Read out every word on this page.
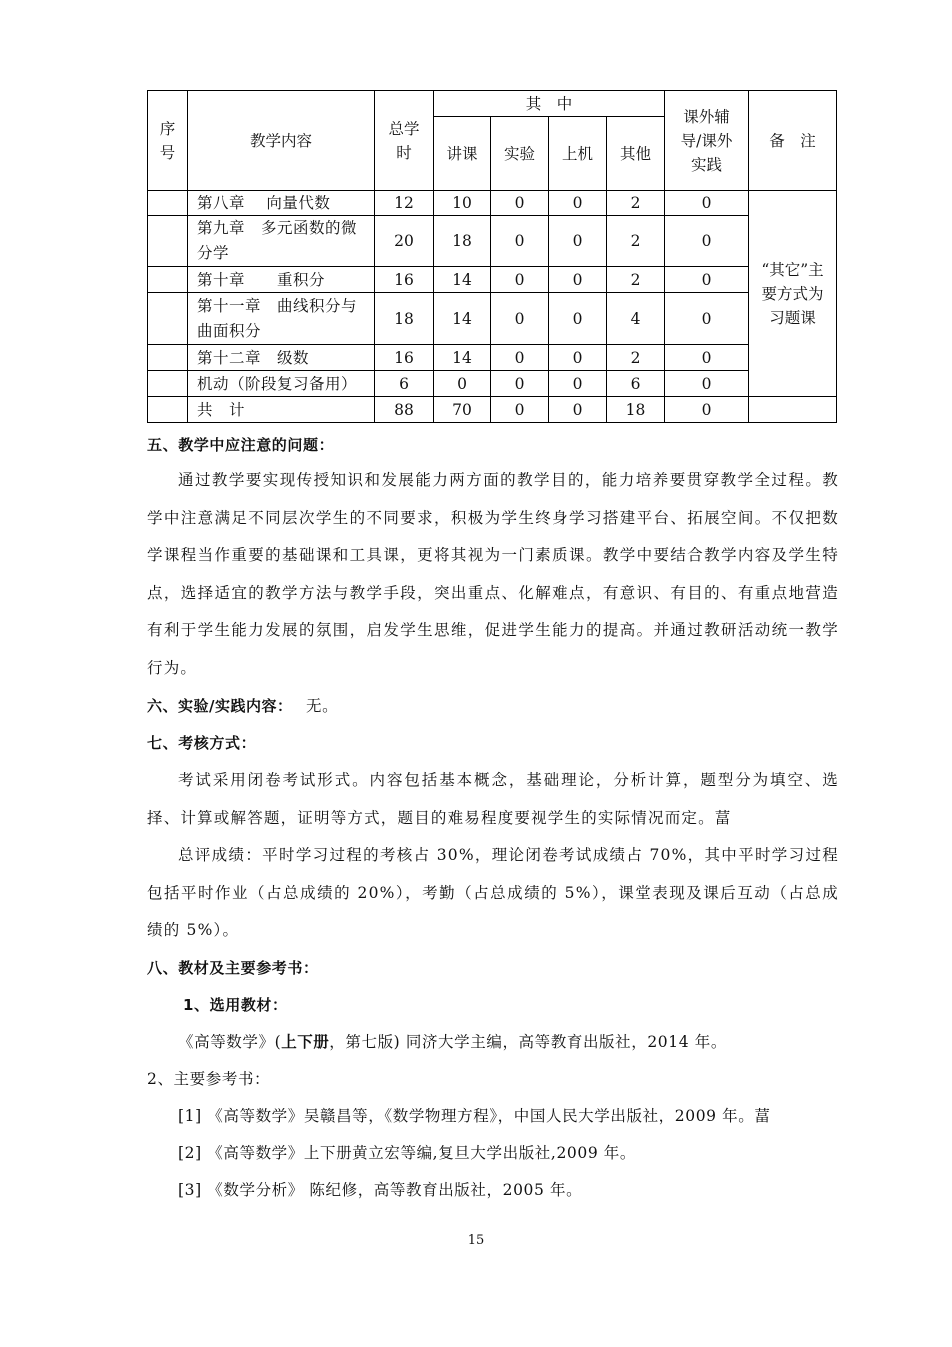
序号	教学内容	总学时	其　中				课外辅导/课外实践	备　注
			讲课	实验	上机	其他		
	第八章　 向量代数	12	10	0	0	2	0	“其它”主要方式为习题课
	第九章　多元函数的微分学	20	18	0	0	2	0	
	第十章　　重积分	16	14	0	0	2	0	
	第十一章　曲线积分与曲面积分	18	14	0	0	4	0	
	第十二章　级数	16	14	0	0	2	0	
	机动（阶段复习备用）	6	0	0	0	6	0	
	共　计	88	70	0	0	18	0	
五、教学中应注意的问题：
通过教学要实现传授知识和发展能力两方面的教学目的，能力培养要贯穿教学全过程。教学中注意满足不同层次学生的不同要求，积极为学生终身学习搭建平台、拓展空间。不仅把数学课程当作重要的基础课和工具课，更将其视为一门素质课。教学中要结合教学内容及学生特点，选择适宜的教学方法与教学手段，突出重点、化解难点，有意识、有目的、有重点地营造有利于学生能力发展的氛围，启发学生思维，促进学生能力的提高。并通过教研活动统一教学行为。
六、实验/实践内容： 无。
七、考核方式：
考试采用闭卷考试形式。内容包括基本概念，基础理论，分析计算，题型分为填空、选择、计算或解答题，证明等方式，题目的难易程度要视学生的实际情况而定。葍
总评成绩：平时学习过程的考核占 30%，理论闭卷考试成绩占 70%，其中平时学习过程包括平时作业（占总成绩的 20%），考勤（占总成绩的 5%），课堂表现及课后互动（占总成绩的 5%）。
八、教材及主要参考书：
1、选用教材：
《高等数学》(上下册，第七版) 同济大学主编，高等教育出版社，2014 年。
2、主要参考书：
[1] 《高等数学》吴赣昌等，《数学物理方程》，中国人民大学出版社，2009 年。葍
[2] 《高等数学》上下册黄立宏等编,复旦大学出版社,2009 年。
[3] 《数学分析》 陈纪修，高等教育出版社，2005 年。
15
